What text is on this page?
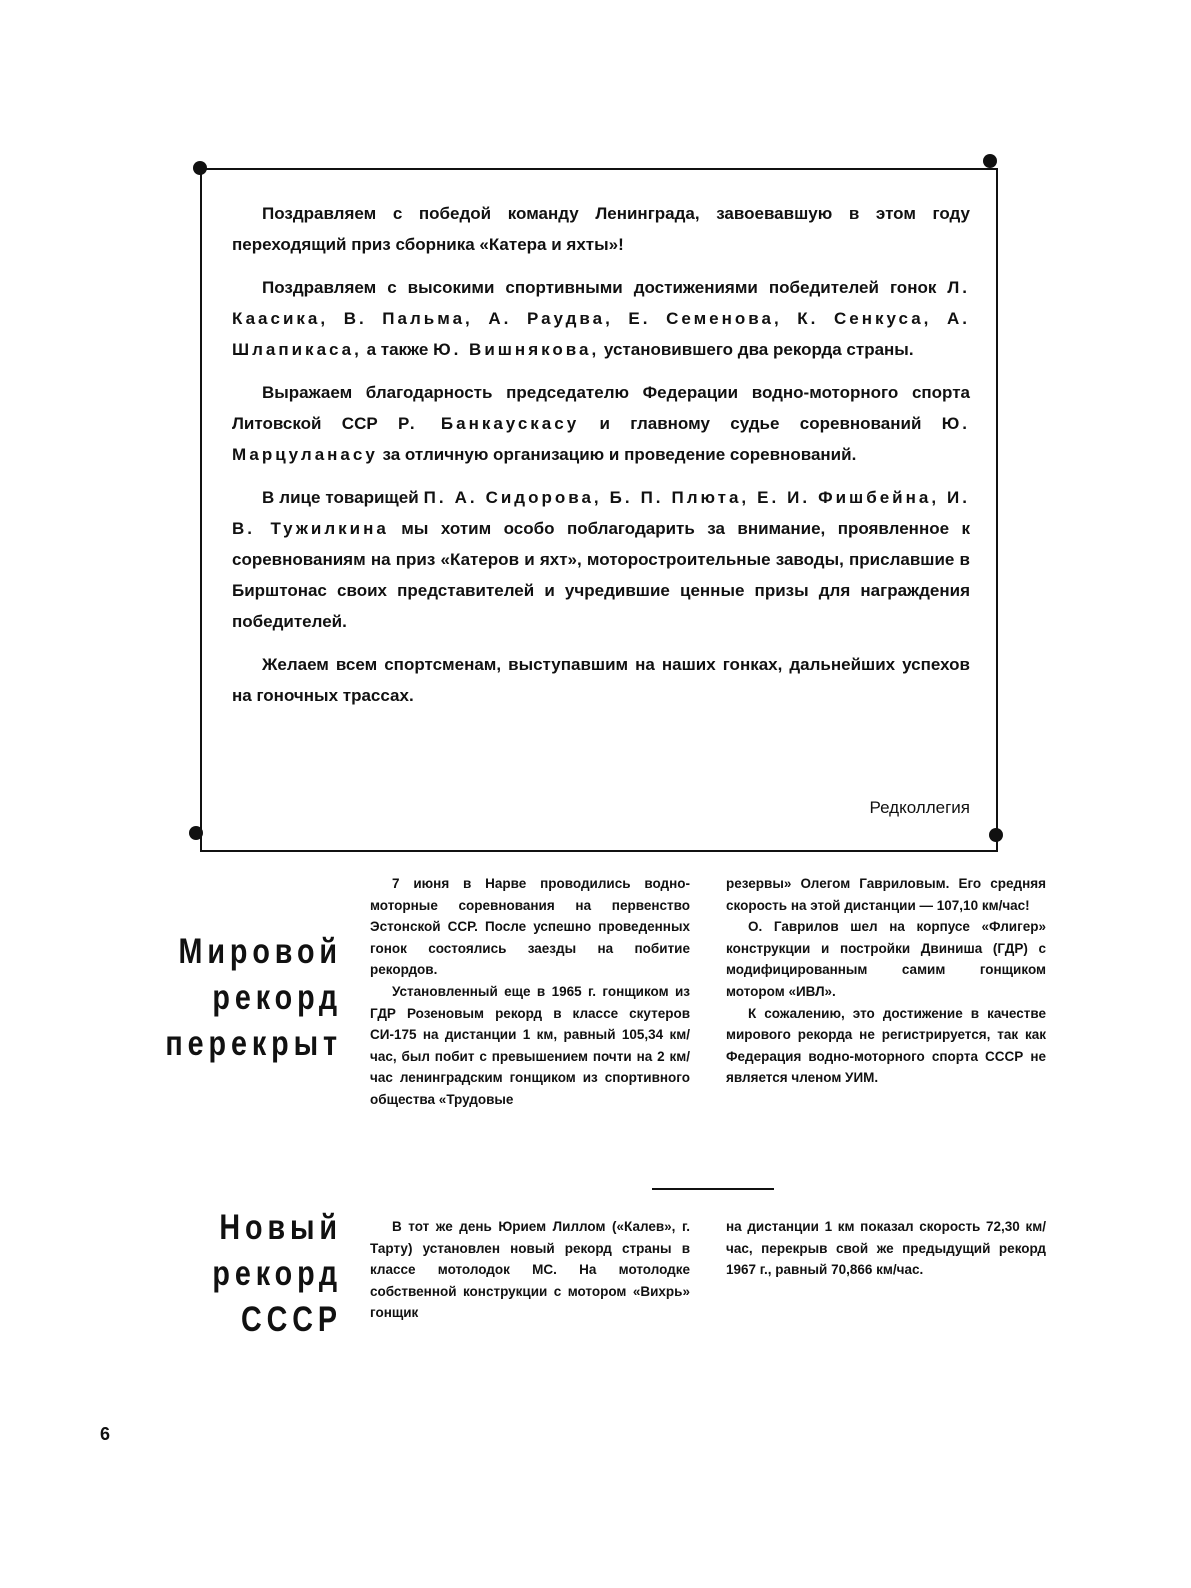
Поздравляем с победой команду Ленинграда, завоевавшую в этом году переходящий приз сборника «Катера и яхты»!

Поздравляем с высокими спортивными достижениями победителей гонок Л. Каасика, В. Пальма, А. Раудва, Е. Семенова, К. Сенкуса, А. Шлапикаса, а также Ю. Вишнякова, установившего два рекорда страны.

Выражаем благодарность председателю Федерации водно-моторного спорта Литовской ССР Р. Банкаускасу и главному судье соревнований Ю. Марцуланасу за отличную организацию и проведение соревнований.

В лице товарищей П. А. Сидорова, Б. П. Плюта, Е. И. Фишбейна, И. В. Тужилкина мы хотим особо поблагодарить за внимание, проявленное к соревнованиям на приз «Катеров и яхт», моторостроительные заводы, приславшие в Бирштонас своих представителей и учредившие ценные призы для награждения победителей.

Желаем всем спортсменам, выступавшим на наших гонках, дальнейших успехов на гоночных трассах.

Редколлегия
Мировой
рекорд
перекрыт

7 июня в Нарве проводились водно-моторные соревнования на первенство Эстонской ССР. После успешно проведенных гонок состоялись заезды на побитие рекордов.

Установленный еще в 1965 г. гонщиком из ГДР Розеновым рекорд в классе скутеров СИ-175 на дистанции 1 км, равный 105,34 км/час, был побит с превышением почти на 2 км/час ленинградским гонщиком из спортивного общества «Трудовые

резервы» Олегом Гавриловым. Его средняя скорость на этой дистанции — 107,10 км/час!

О. Гаврилов шел на корпусе «Флигер» конструкции и постройки Двиниша (ГДР) с модифицированным самим гонщиком мотором «ИВЛ».

К сожалению, это достижение в качестве мирового рекорда не регистрируется, так как Федерация водно-моторного спорта СССР не является членом УИМ.

Новый
рекорд
СССР

В тот же день Юрием Лиллом («Калев», г. Тарту) установлен новый рекорд страны в классе мотолодок МС. На мотолодке собственной конструкции с мотором «Вихрь» гонщик

на дистанции 1 км показал скорость 72,30 км/час, перекрыв свой же предыдущий рекорд 1967 г., равный 70,866 км/час.

6
